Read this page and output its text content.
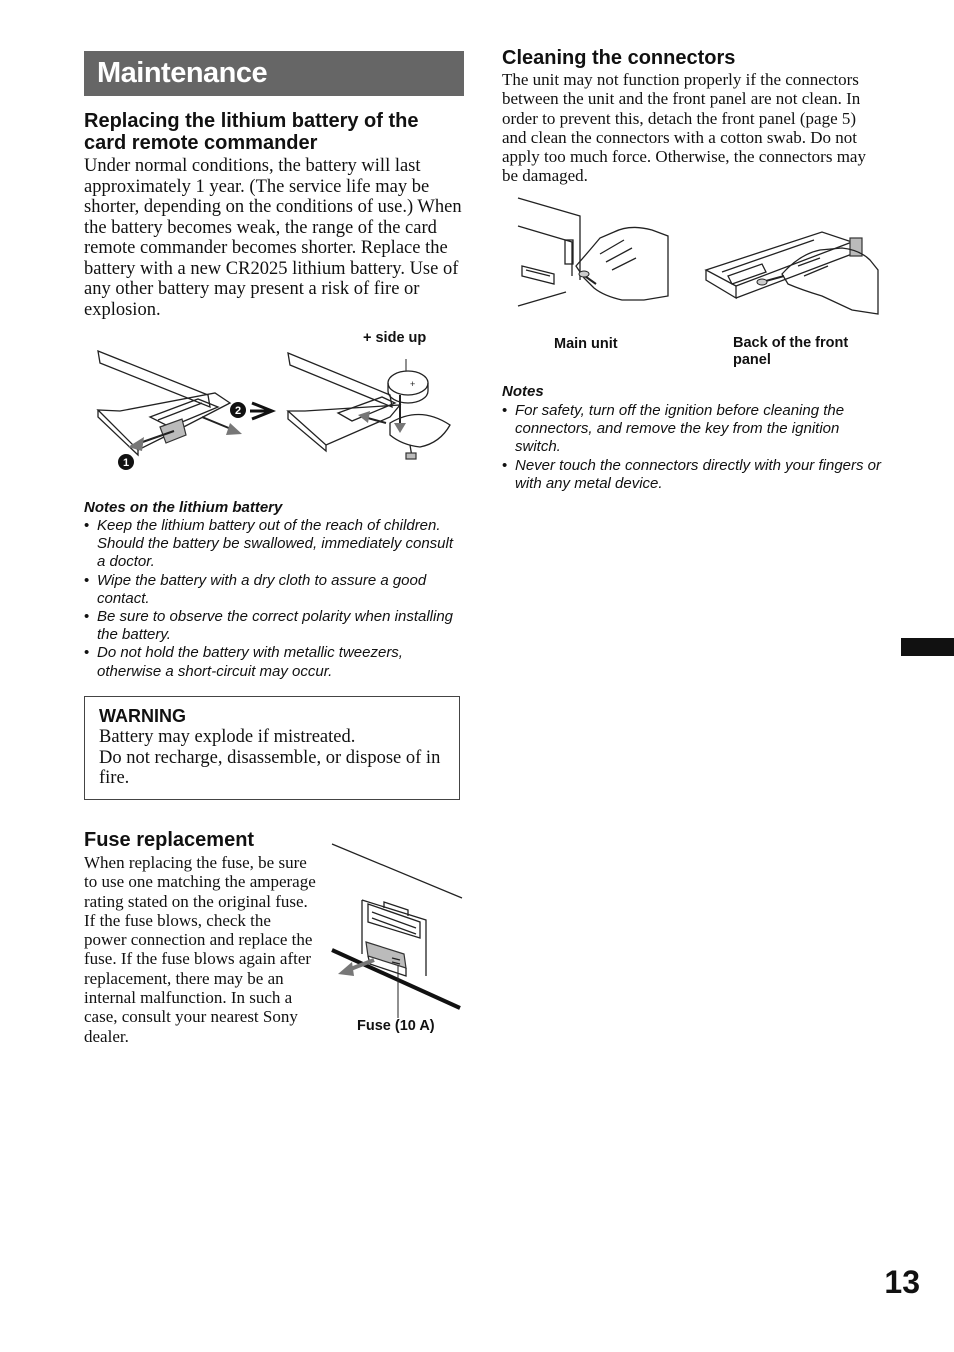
Maintenance
Replacing the lithium battery of the card remote commander
Under normal conditions, the battery will last approximately 1 year. (The service life may be shorter, depending on the conditions of use.) When the battery becomes weak, the range of the card remote commander becomes shorter. Replace the battery with a new CR2025 lithium battery. Use of any other battery may present a risk of fire or explosion.
+ side up
1
2
+
Notes on the lithium battery
• Keep the lithium battery out of the reach of children. Should the battery be swallowed, immediately consult a doctor.
• Wipe the battery with a dry cloth to assure a good contact.
• Be sure to observe the correct polarity when installing the battery.
• Do not hold the battery with metallic tweezers, otherwise a short-circuit may occur.
WARNING
Battery may explode if mistreated.
Do not recharge, disassemble, or dispose of in fire.
Fuse replacement
When replacing the fuse, be sure to use one matching the amperage rating stated on the original fuse. If the fuse blows, check the power connection and replace the fuse. If the fuse blows again after replacement, there may be an internal malfunction. In such a case, consult your nearest Sony dealer.
Fuse (10 A)
Cleaning the connectors
The unit may not function properly if the connectors between the unit and the front panel are not clean. In order to prevent this, detach the front panel (page 5) and clean the connectors with a cotton swab. Do not apply too much force. Otherwise, the connectors may be damaged.
Main unit	Back of the front panel
Notes
• For safety, turn off the ignition before cleaning the connectors, and remove the key from the ignition switch.
• Never touch the connectors directly with your fingers or with any metal device.
13
